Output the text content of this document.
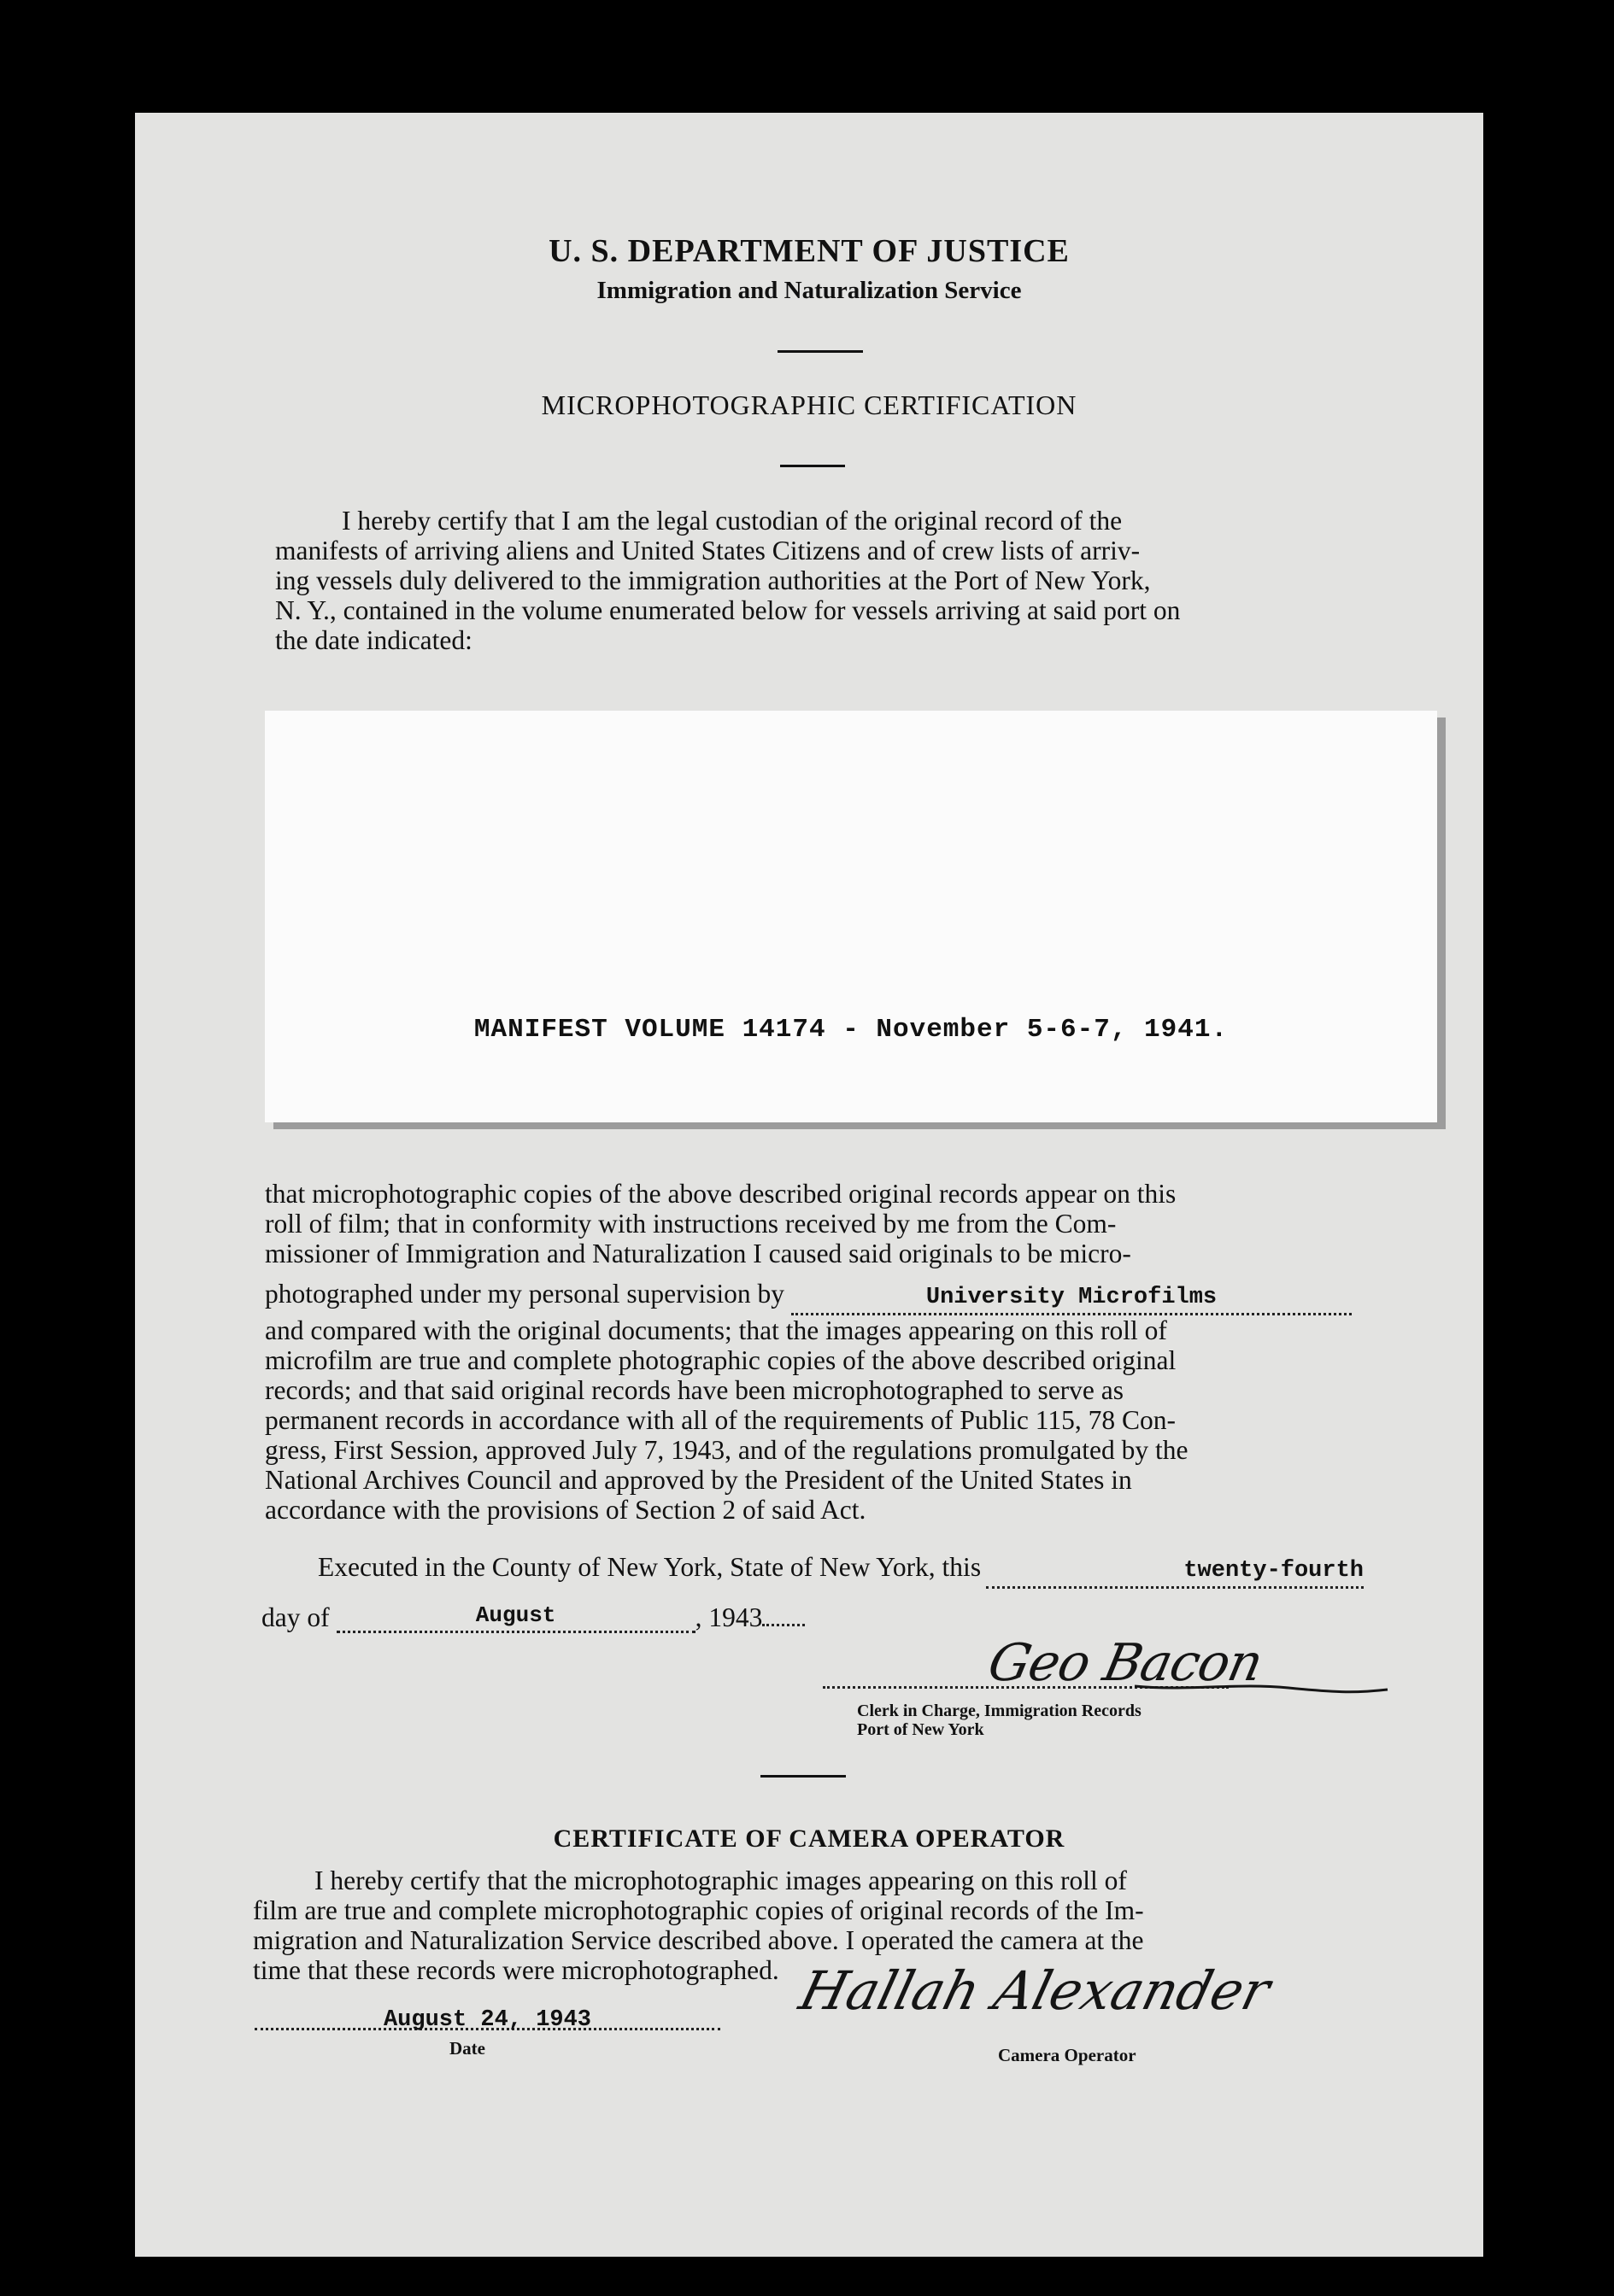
U. S. DEPARTMENT OF JUSTICE
Immigration and Naturalization Service
MICROPHOTOGRAPHIC CERTIFICATION
I hereby certify that I am the legal custodian of the original record of the
manifests of arriving aliens and United States Citizens and of crew lists of arriv-
ing vessels duly delivered to the immigration authorities at the Port of New York,
N. Y., contained in the volume enumerated below for vessels arriving at said port on
the date indicated:
MANIFEST VOLUME 14174 - November 5-6-7, 1941.
that microphotographic copies of the above described original records appear on this
roll of film; that in conformity with instructions received by me from the Com-
missioner of Immigration and Naturalization I caused said originals to be micro-
photographed under my personal supervision by	University Microfilms
and compared with the original documents; that the images appearing on this roll of
microfilm are true and complete photographic copies of the above described original
records; and that said original records have been microphotographed to serve as
permanent records in accordance with all of the requirements of Public 115, 78 Con-
gress, First Session, approved July 7, 1943, and of the regulations promulgated by the
National Archives Council and approved by the President of the United States in
accordance with the provisions of Section 2 of said Act.
Executed in the County of New York, State of New York, this	twenty-fourth
day of	August	, 1943
Geo Bacon
Clerk in Charge, Immigration Records
Port of New York
CERTIFICATE OF CAMERA OPERATOR
I hereby certify that the microphotographic images appearing on this roll of
film are true and complete microphotographic copies of original records of the Im-
migration and Naturalization Service described above. I operated the camera at the
time that these records were microphotographed.
August 24, 1943
Date
Hallah Alexander
Camera Operator
